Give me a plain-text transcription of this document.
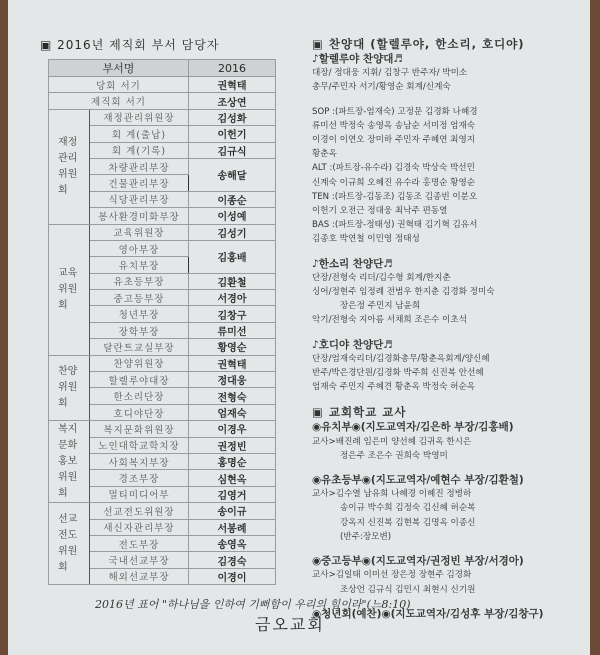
▣ 2016년 제직회 부서 담당자
부서명		2016
당회 서기		권혁태
제직회 서기		조상연
재정관리위원회	재정관리위원장	김성화
	회 계(출납)	이헌기
	회 계(기록)	김규식
	차량관리부장	송해달
	건물관리부장	
	식당관리부장	이종순
	봉사환경미화부장	이성예
교육위원회	교육위원장	김성기
	영아부장	김홍배
	유치부장	
	유초등부장	김환철
	중고등부장	서경아
	청년부장	김창구
	장학부장	류미선
	달란트교실부장	황영순
찬양위원회	찬양위원장	권혁태
	할렐루야대장	정대웅
	한소리단장	전형숙
	호디야단장	엄재숙
복지문화홍보위원회	복지문화위원장	이경우
	노인대학교학치장	권정빈
	사회복지부장	홍명순
	경조부장	심현옥
	멀티미디어부	김영거
선교전도위원회	선교전도위원장	송이규
	새신자관리부장	서봉례
	전도부장	송영옥
	국내선교부장	김경숙
	해외선교부장	이경이
▣ 찬양대 (할렐루야, 한소리, 호디야)
♪할렐루야 찬양대♬
대장/ 정대웅 지휘/ 김창구 반주자/ 박미소
총무/주민자 서기/황영순 회계/신계숙
SOP :(파트장-엄재숙) 고정문 김경화 나혜경
류미선 박정숙 송영옥 송남순 서미정 엄재숙
이경이 이연오 장미하 주민자 주혜연 최영지
황춘옥
ALT :(파트장-유수라) 김경숙 박상숙 박선민
신계숙 이규희 오혜진 유수라 홍명순 황영순
TEN :(파트장-김동조) 김동조 김종빈 이분오
이헌기 오전근 정대웅 최낙주 편동열
BAS :(파트장-정태성) 권혁태 김기혁 김유서
김종호 박연철 이민영 정태성
♪한소리 찬양단♬
단장/전형숙 리더/김수형 회계/한지춘
싱어/정현주 임정례 전범우 한지춘 김경화 정미숙
장은정 주민지 남윤희
악기/전형숙 지아름 서채희 조은수 이초석
♪호디야 찬양단♬
단장/엄재숙리더/김경화총무/황춘옥회계/양신혜
반주/박은경단원/김경화 박주희 신진복 안선혜
엄재숙 주민지 주혜견 황춘옥 박정숙 허순옥
▣ 교회학교 교사
◉유치부◉(지도교역자/김은하 부장/김홍배)
교사>배진례 임은미 양선혜 김귀옥 한시은
정은주 조은수 권희숙 박영미
◉유초등부◉(지도교역자/예현수 부장/김환철)
교사>김수열 남유희 나혜경 이혜진 정병하
송이규 박수희 김정숙 김신혜 허순복
강옥지 신진복 김현복 김명옥 이종신
(반주:장모변)
◉중고등부◉(지도교역자/권정빈 부장/서경아)
교사>김일태 이미선 장은정 장현주 김경화
조상언 김규식 김민시 최현시 신기원
◉청년회(예찬)◉(지도교역자/김성후 부장/김창구)
2016년 표어 "하나님을 인하여 기뻐함이 우리의 힘이라"(느8:10)
금오교회
